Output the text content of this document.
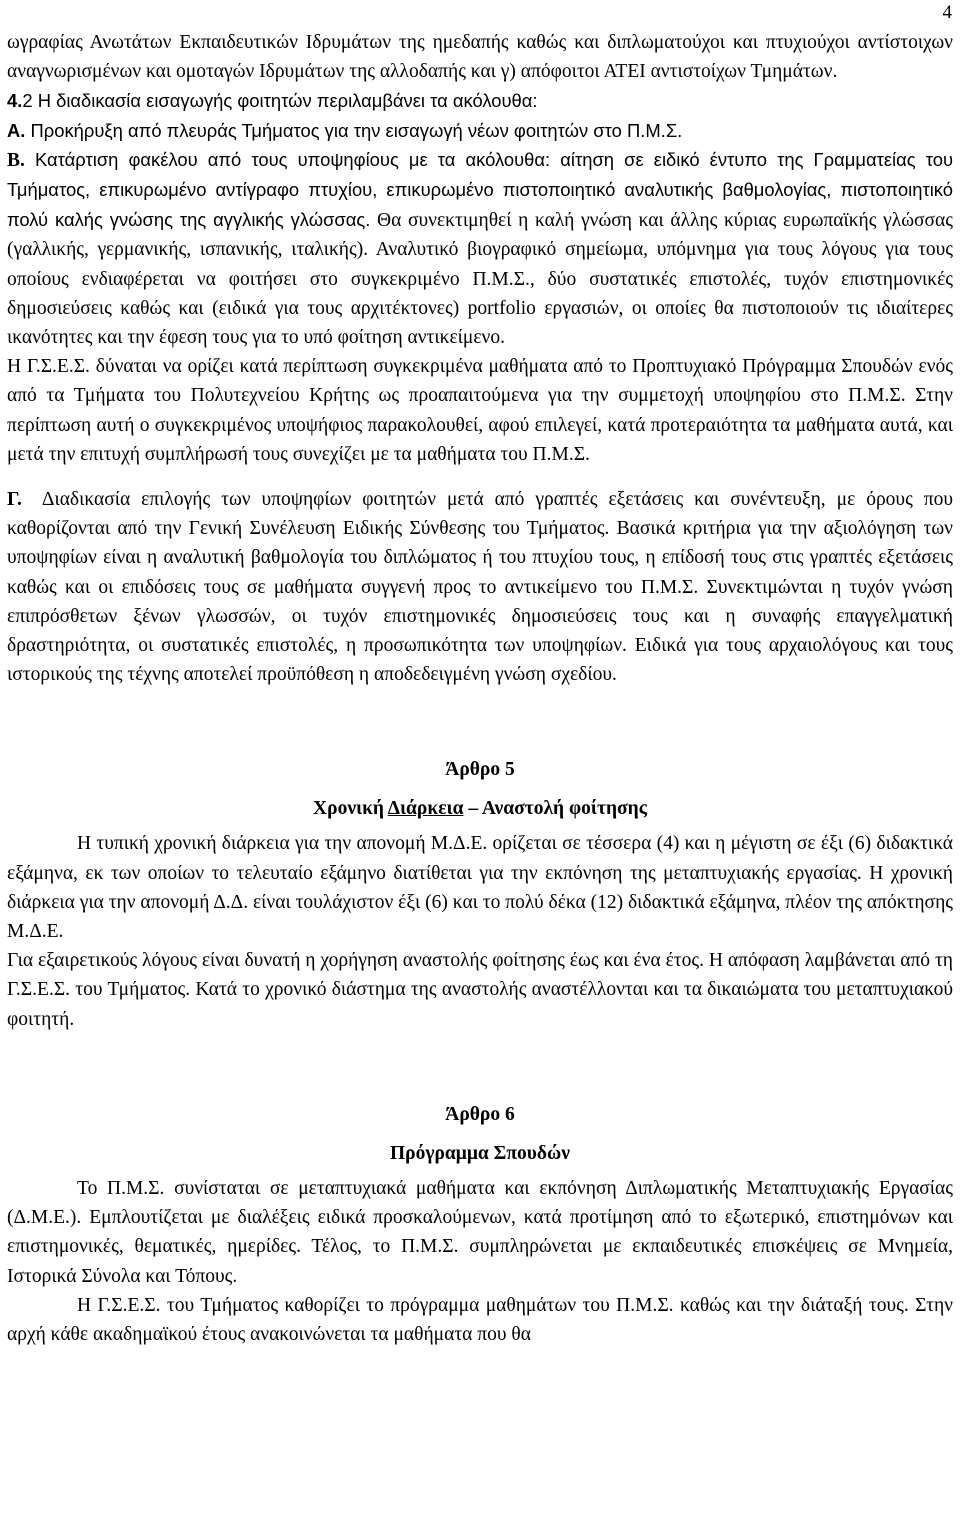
4

ωγραφίας Ανωτάτων Εκπαιδευτικών Ιδρυμάτων της ημεδαπής καθώς και διπλωματούχοι και πτυχιούχοι αντίστοιχων αναγνωρισμένων και ομοταγών Ιδρυμάτων της αλλοδαπής και γ) απόφοιτοι ΑΤΕΙ αντιστοίχων Τμημάτων.

4.2 Η διαδικασία εισαγωγής φοιτητών περιλαμβάνει τα ακόλουθα:

Α. Προκήρυξη από πλευράς Τμήματος για την εισαγωγή νέων φοιτητών στο Π.Μ.Σ.

Β. Κατάρτιση φακέλου από τους υποψηφίους με τα ακόλουθα: αίτηση σε ειδικό έντυπο της Γραμματείας του Τμήματος, επικυρωμένο αντίγραφο πτυχίου, επικυρωμένο πιστοποιητικό αναλυτικής βαθμολογίας, πιστοποιητικό πολύ καλής γνώσης της αγγλικής γλώσσας. Θα συνεκτιμηθεί η καλή γνώση και άλλης κύριας ευρωπαϊκής γλώσσας (γαλλικής, γερμανικής, ισπανικής, ιταλικής). Αναλυτικό βιογραφικό σημείωμα, υπόμνημα για τους λόγους για τους οποίους ενδιαφέρεται να φοιτήσει στο συγκεκριμένο Π.Μ.Σ., δύο συστατικές επιστολές, τυχόν επιστημονικές δημοσιεύσεις καθώς και (ειδικά για τους αρχιτέκτονες) portfolio εργασιών, οι οποίες θα πιστοποιούν τις ιδιαίτερες ικανότητες και την έφεση τους για το υπό φοίτηση αντικείμενο.

Η Γ.Σ.Ε.Σ. δύναται να ορίζει κατά περίπτωση συγκεκριμένα μαθήματα από το Προπτυχιακό Πρόγραμμα Σπουδών ενός από τα Τμήματα του Πολυτεχνείου Κρήτης ως προαπαιτούμενα για την συμμετοχή υποψηφίου στο Π.Μ.Σ. Στην περίπτωση αυτή ο συγκεκριμένος υποψήφιος παρακολουθεί, αφού επιλεγεί, κατά προτεραιότητα τα μαθήματα αυτά, και μετά την επιτυχή συμπλήρωσή τους συνεχίζει με τα μαθήματα του Π.Μ.Σ.

Γ. Διαδικασία επιλογής των υποψηφίων φοιτητών μετά από γραπτές εξετάσεις και συνέντευξη, με όρους που καθορίζονται από την Γενική Συνέλευση Ειδικής Σύνθεσης του Τμήματος. Βασικά κριτήρια για την αξιολόγηση των υποψηφίων είναι η αναλυτική βαθμολογία του διπλώματος ή του πτυχίου τους, η επίδοσή τους στις γραπτές εξετάσεις καθώς και οι επιδόσεις τους σε μαθήματα συγγενή προς το αντικείμενο του Π.Μ.Σ. Συνεκτιμώνται η τυχόν γνώση επιπρόσθετων ξένων γλωσσών, οι τυχόν επιστημονικές δημοσιεύσεις τους και η συναφής επαγγελματική δραστηριότητα, οι συστατικές επιστολές, η προσωπικότητα των υποψηφίων. Ειδικά για τους αρχαιολόγους και τους ιστορικούς της τέχνης αποτελεί προϋπόθεση η αποδεδειγμένη γνώση σχεδίου.

Άρθρο 5

Χρονική Διάρκεια – Αναστολή φοίτησης

Η τυπική χρονική διάρκεια για την απονομή Μ.Δ.Ε. ορίζεται σε τέσσερα (4) και η μέγιστη σε έξι (6) διδακτικά εξάμηνα, εκ των οποίων το τελευταίο εξάμηνο διατίθεται για την εκπόνηση της μεταπτυχιακής εργασίας. Η χρονική διάρκεια για την απονομή Δ.Δ. είναι τουλάχιστον έξι (6) και το πολύ δέκα (12) διδακτικά εξάμηνα, πλέον της απόκτησης Μ.Δ.Ε.

Για εξαιρετικούς λόγους είναι δυνατή η χορήγηση αναστολής φοίτησης έως και ένα έτος. Η απόφαση λαμβάνεται από τη Γ.Σ.Ε.Σ. του Τμήματος. Κατά το χρονικό διάστημα της αναστολής αναστέλλονται και τα δικαιώματα του μεταπτυχιακού φοιτητή.

Άρθρο 6

Πρόγραμμα Σπουδών

Το Π.Μ.Σ. συνίσταται σε μεταπτυχιακά μαθήματα και εκπόνηση Διπλωματικής Μεταπτυχιακής Εργασίας (Δ.Μ.Ε.). Εμπλουτίζεται με διαλέξεις ειδικά προσκαλούμενων, κατά προτίμηση από το εξωτερικό, επιστημόνων και επιστημονικές, θεματικές, ημερίδες. Τέλος, το Π.Μ.Σ. συμπληρώνεται με εκπαιδευτικές επισκέψεις σε Μνημεία, Ιστορικά Σύνολα και Τόπους.

Η Γ.Σ.Ε.Σ. του Τμήματος καθορίζει το πρόγραμμα μαθημάτων του Π.Μ.Σ. καθώς και την διάταξή τους. Στην αρχή κάθε ακαδημαϊκού έτους ανακοινώνεται τα μαθήματα που θα
